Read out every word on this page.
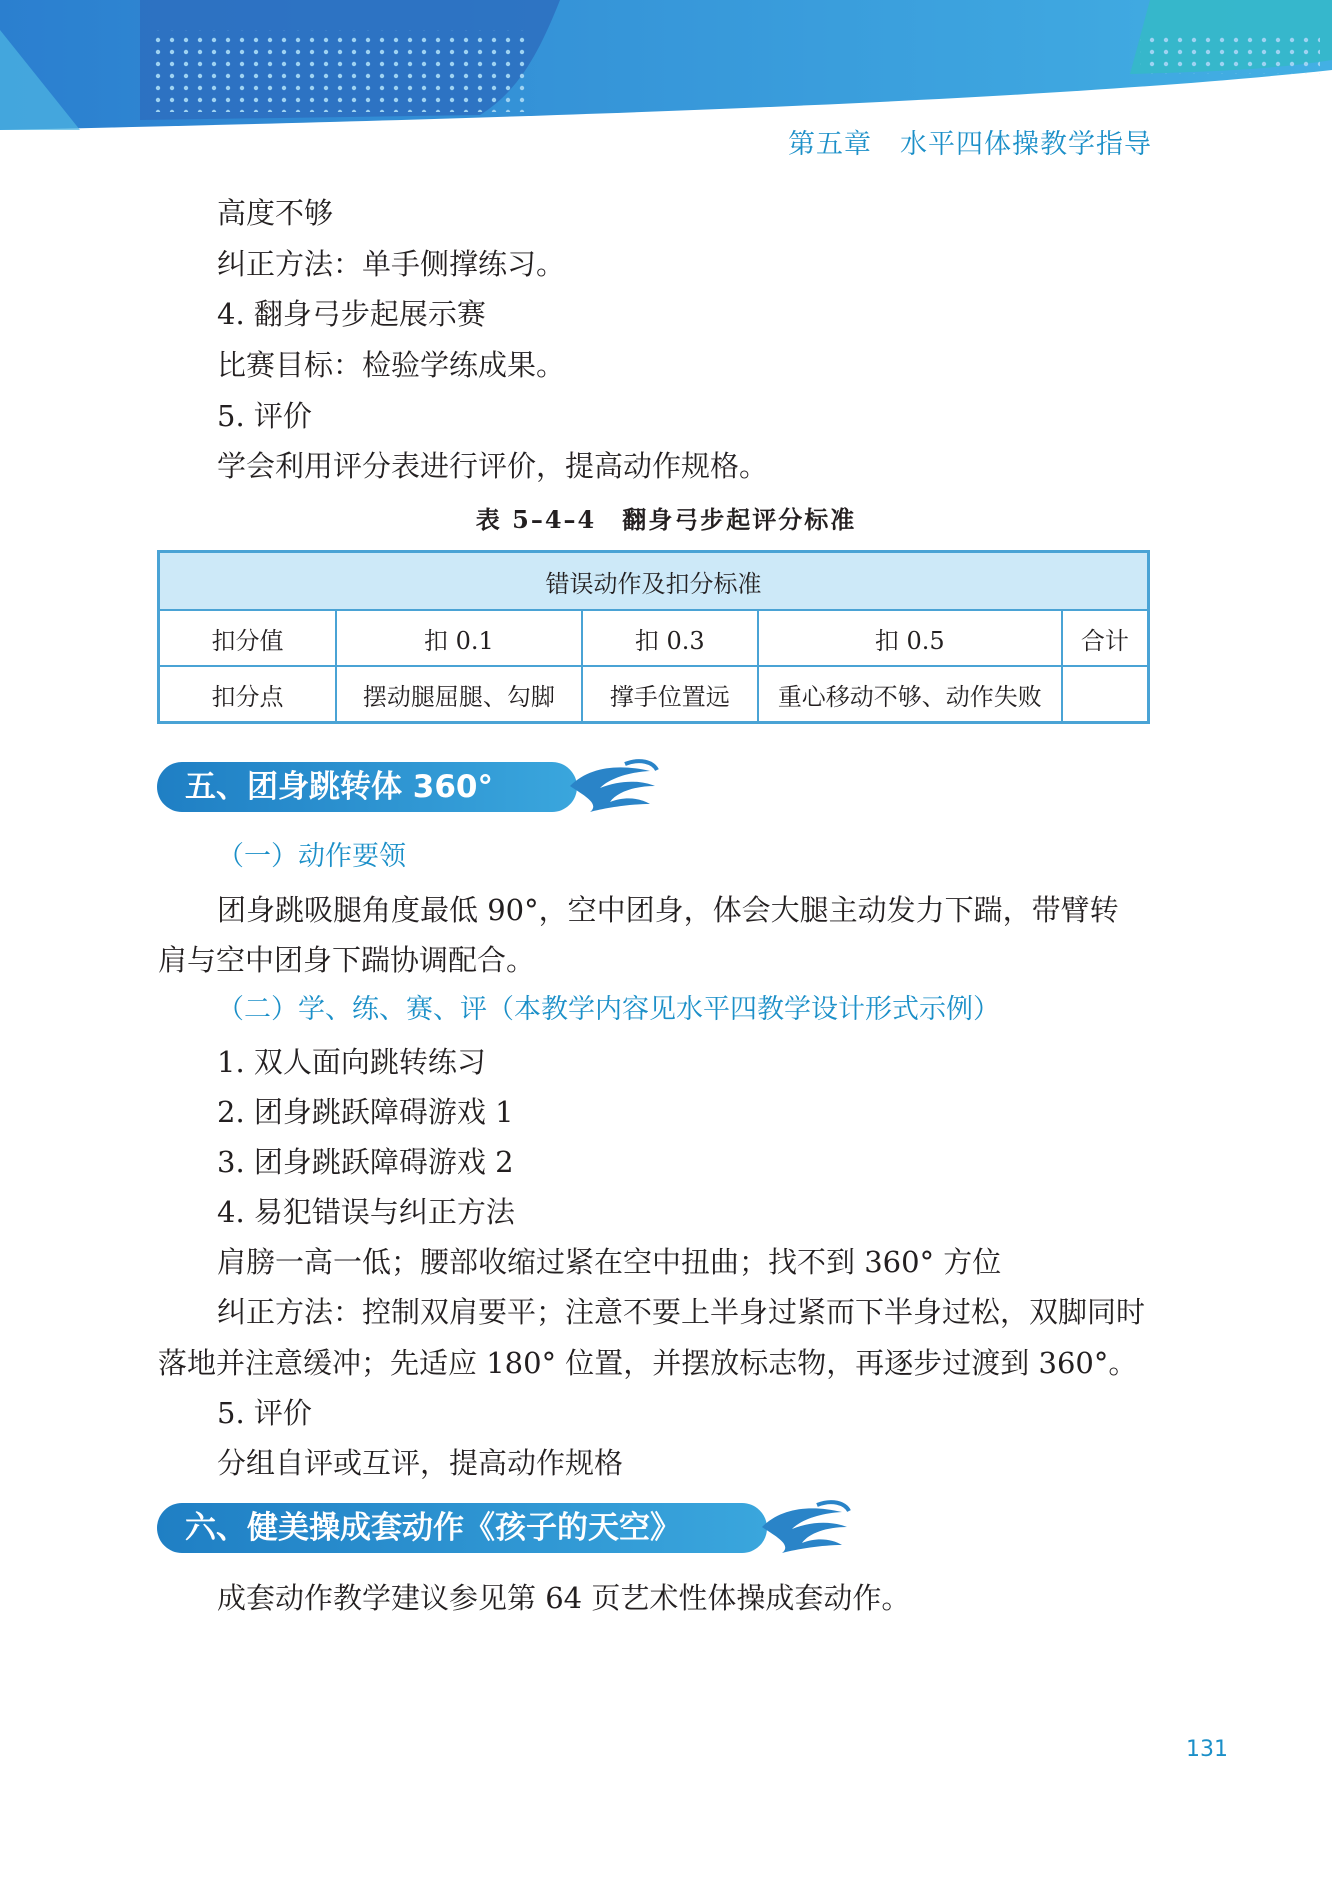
第五章　水平四体操教学指导
高度不够
纠正方法：单手侧撑练习。
4. 翻身弓步起展示赛
比赛目标：检验学练成果。
5. 评价
学会利用评分表进行评价，提高动作规格。
表 5–4–4　翻身弓步起评分标准
错误动作及扣分标准				
扣分值	扣 0.1	扣 0.3	扣 0.5	合计
扣分点	摆动腿屈腿、勾脚	撑手位置远	重心移动不够、动作失败	
五、团身跳转体 360°
（一）动作要领
团身跳吸腿角度最低 90°，空中团身，体会大腿主动发力下踹，带臂转
肩与空中团身下踹协调配合。
（二）学、练、赛、评（本教学内容见水平四教学设计形式示例）
1. 双人面向跳转练习
2. 团身跳跃障碍游戏 1
3. 团身跳跃障碍游戏 2
4. 易犯错误与纠正方法
肩膀一高一低；腰部收缩过紧在空中扭曲；找不到 360° 方位
纠正方法：控制双肩要平；注意不要上半身过紧而下半身过松，双脚同时
落地并注意缓冲；先适应 180° 位置，并摆放标志物，再逐步过渡到 360°。
5. 评价
分组自评或互评，提高动作规格
六、健美操成套动作《孩子的天空》
成套动作教学建议参见第 64 页艺术性体操成套动作。
131
